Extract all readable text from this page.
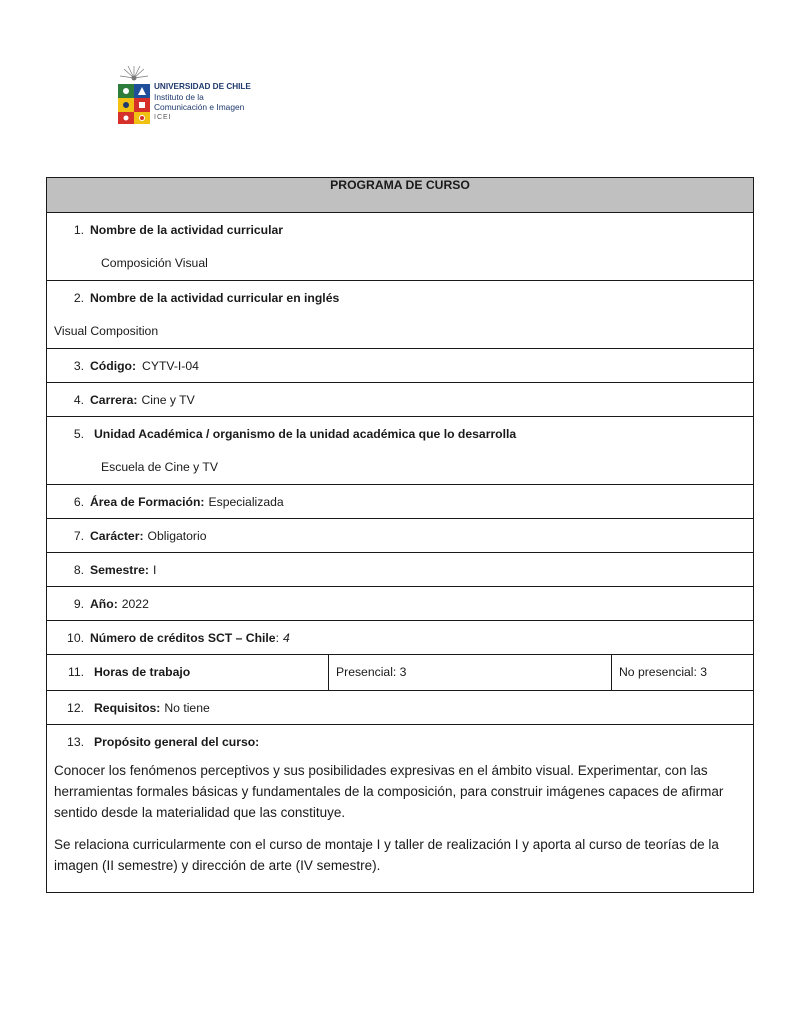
UNIVERSIDAD DE CHILE
Instituto de la
Comunicación e Imagen
ICEI
PROGRAMA DE CURSO

1. Nombre de la actividad curricular
Composición Visual

2. Nombre de la actividad curricular en inglés
Visual Composition

3. Código: CYTV-I-04

4. Carrera: Cine y TV

5. Unidad Académica / organismo de la unidad académica que lo desarrolla
Escuela de Cine y TV

6. Área de Formación: Especializada

7. Carácter: Obligatorio

8. Semestre: I

9. Año: 2022

10. Número de créditos SCT – Chile : 4

11. Horas de trabajo	Presencial: 3	No presencial: 3

12. Requisitos: No tiene

13. Propósito general del curso:

Conocer los fenómenos perceptivos y sus posibilidades expresivas en el ámbito visual. Experimentar, con las herramientas formales básicas y fundamentales de la composición, para construir imágenes capaces de afirmar sentido desde la materialidad que las constituye.

Se relaciona curricularmente con el curso de montaje I y taller de realización I y aporta al curso de teorías de la imagen (II semestre) y dirección de arte (IV semestre).
